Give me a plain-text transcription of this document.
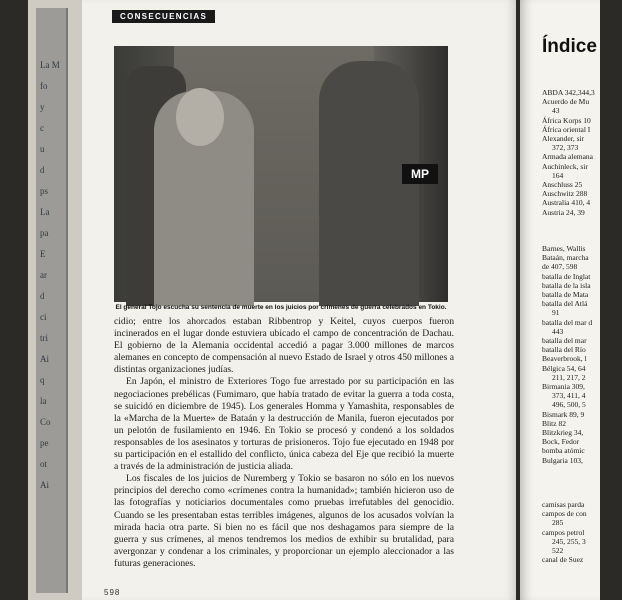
La M

fo

y

c

u

d

ps

La

pa

E

ar

d

ci

tri

Ai

q

la

Co

pe

ot

Ai

CONSECUENCIAS
MP
El general Tojo escucha su sentencia de muerte en los juicios por crímenes de guerra celebrados en Tokio.

cidio; entre los ahorcados estaban Ribbentrop y Keitel, cuyos cuerpos fueron incinerados en el lugar donde estuviera ubicado el campo de concentración de Dachau. El gobierno de la Alemania occidental accedió a pagar 3.000 millones de marcos alemanes en concepto de compensación al nuevo Estado de Israel y otros 450 millones a distintas organizaciones judías.

En Japón, el ministro de Exteriores Togo fue arrestado por su participación en las negociaciones prebélicas (Fumimaro, que había tratado de evitar la guerra a toda costa, se suicidó en diciembre de 1945). Los generales Homma y Yamashita, responsables de la «Marcha de la Muerte» de Bataán y la destrucción de Manila, fueron ejecutados por un pelotón de fusilamiento en 1946. En Tokio se procesó y condenó a los soldados responsables de los asesinatos y torturas de prisioneros. Tojo fue ejecutado en 1948 por su participación en el estallido del conflicto, única cabeza del Eje que recibió la muerte a través de la administración de justicia aliada.

Los fiscales de los juicios de Nuremberg y Tokio se basaron no sólo en los nuevos principios del derecho como «crímenes contra la humanidad»; también hicieron uso de las fotografías y noticiarios documentales como pruebas irrefutables del genocidio. Cuando se les presentaban estas terribles imágenes, algunos de los acusados volvían la mirada hacia otra parte. Si bien no es fácil que nos deshagamos para siempre de la guerra y sus crímenes, al menos tendremos los medios de exhibir su brutalidad, para avergonzar y condenar a los criminales, y proporcionar un ejemplo aleccionador a las futuras generaciones.

598
Índice
ABDA 342,344,3
Acuerdo de Mu
43
África Korps 10
África oriental I
Alexander, sir
372, 373
Armada alemana
Auchinleck, sir
164
Anschluss 25
Auschwitz 288
Australia 410, 4
Austria 24, 39
Barnes, Wallis
Bataán, marcha
de 407, 598
batalla de Inglat
batalla de la isla
batalla de Mata
batalla del Atlá
91
batalla del mar d
443
batalla del mar
batalla del Río
Beaverbrook, l
Bélgica 54, 64
211, 217, 2
Birmania 309,
373, 411, 4
496, 500, 5
Bismark 89, 9
Blitz 82
Blitzkrieg 34,
Bock, Fedor
bomba atómic
Bulgaria 103,
camisas parda
campos de con
285
campos petrol
245, 255, 3
522
canal de Suez
